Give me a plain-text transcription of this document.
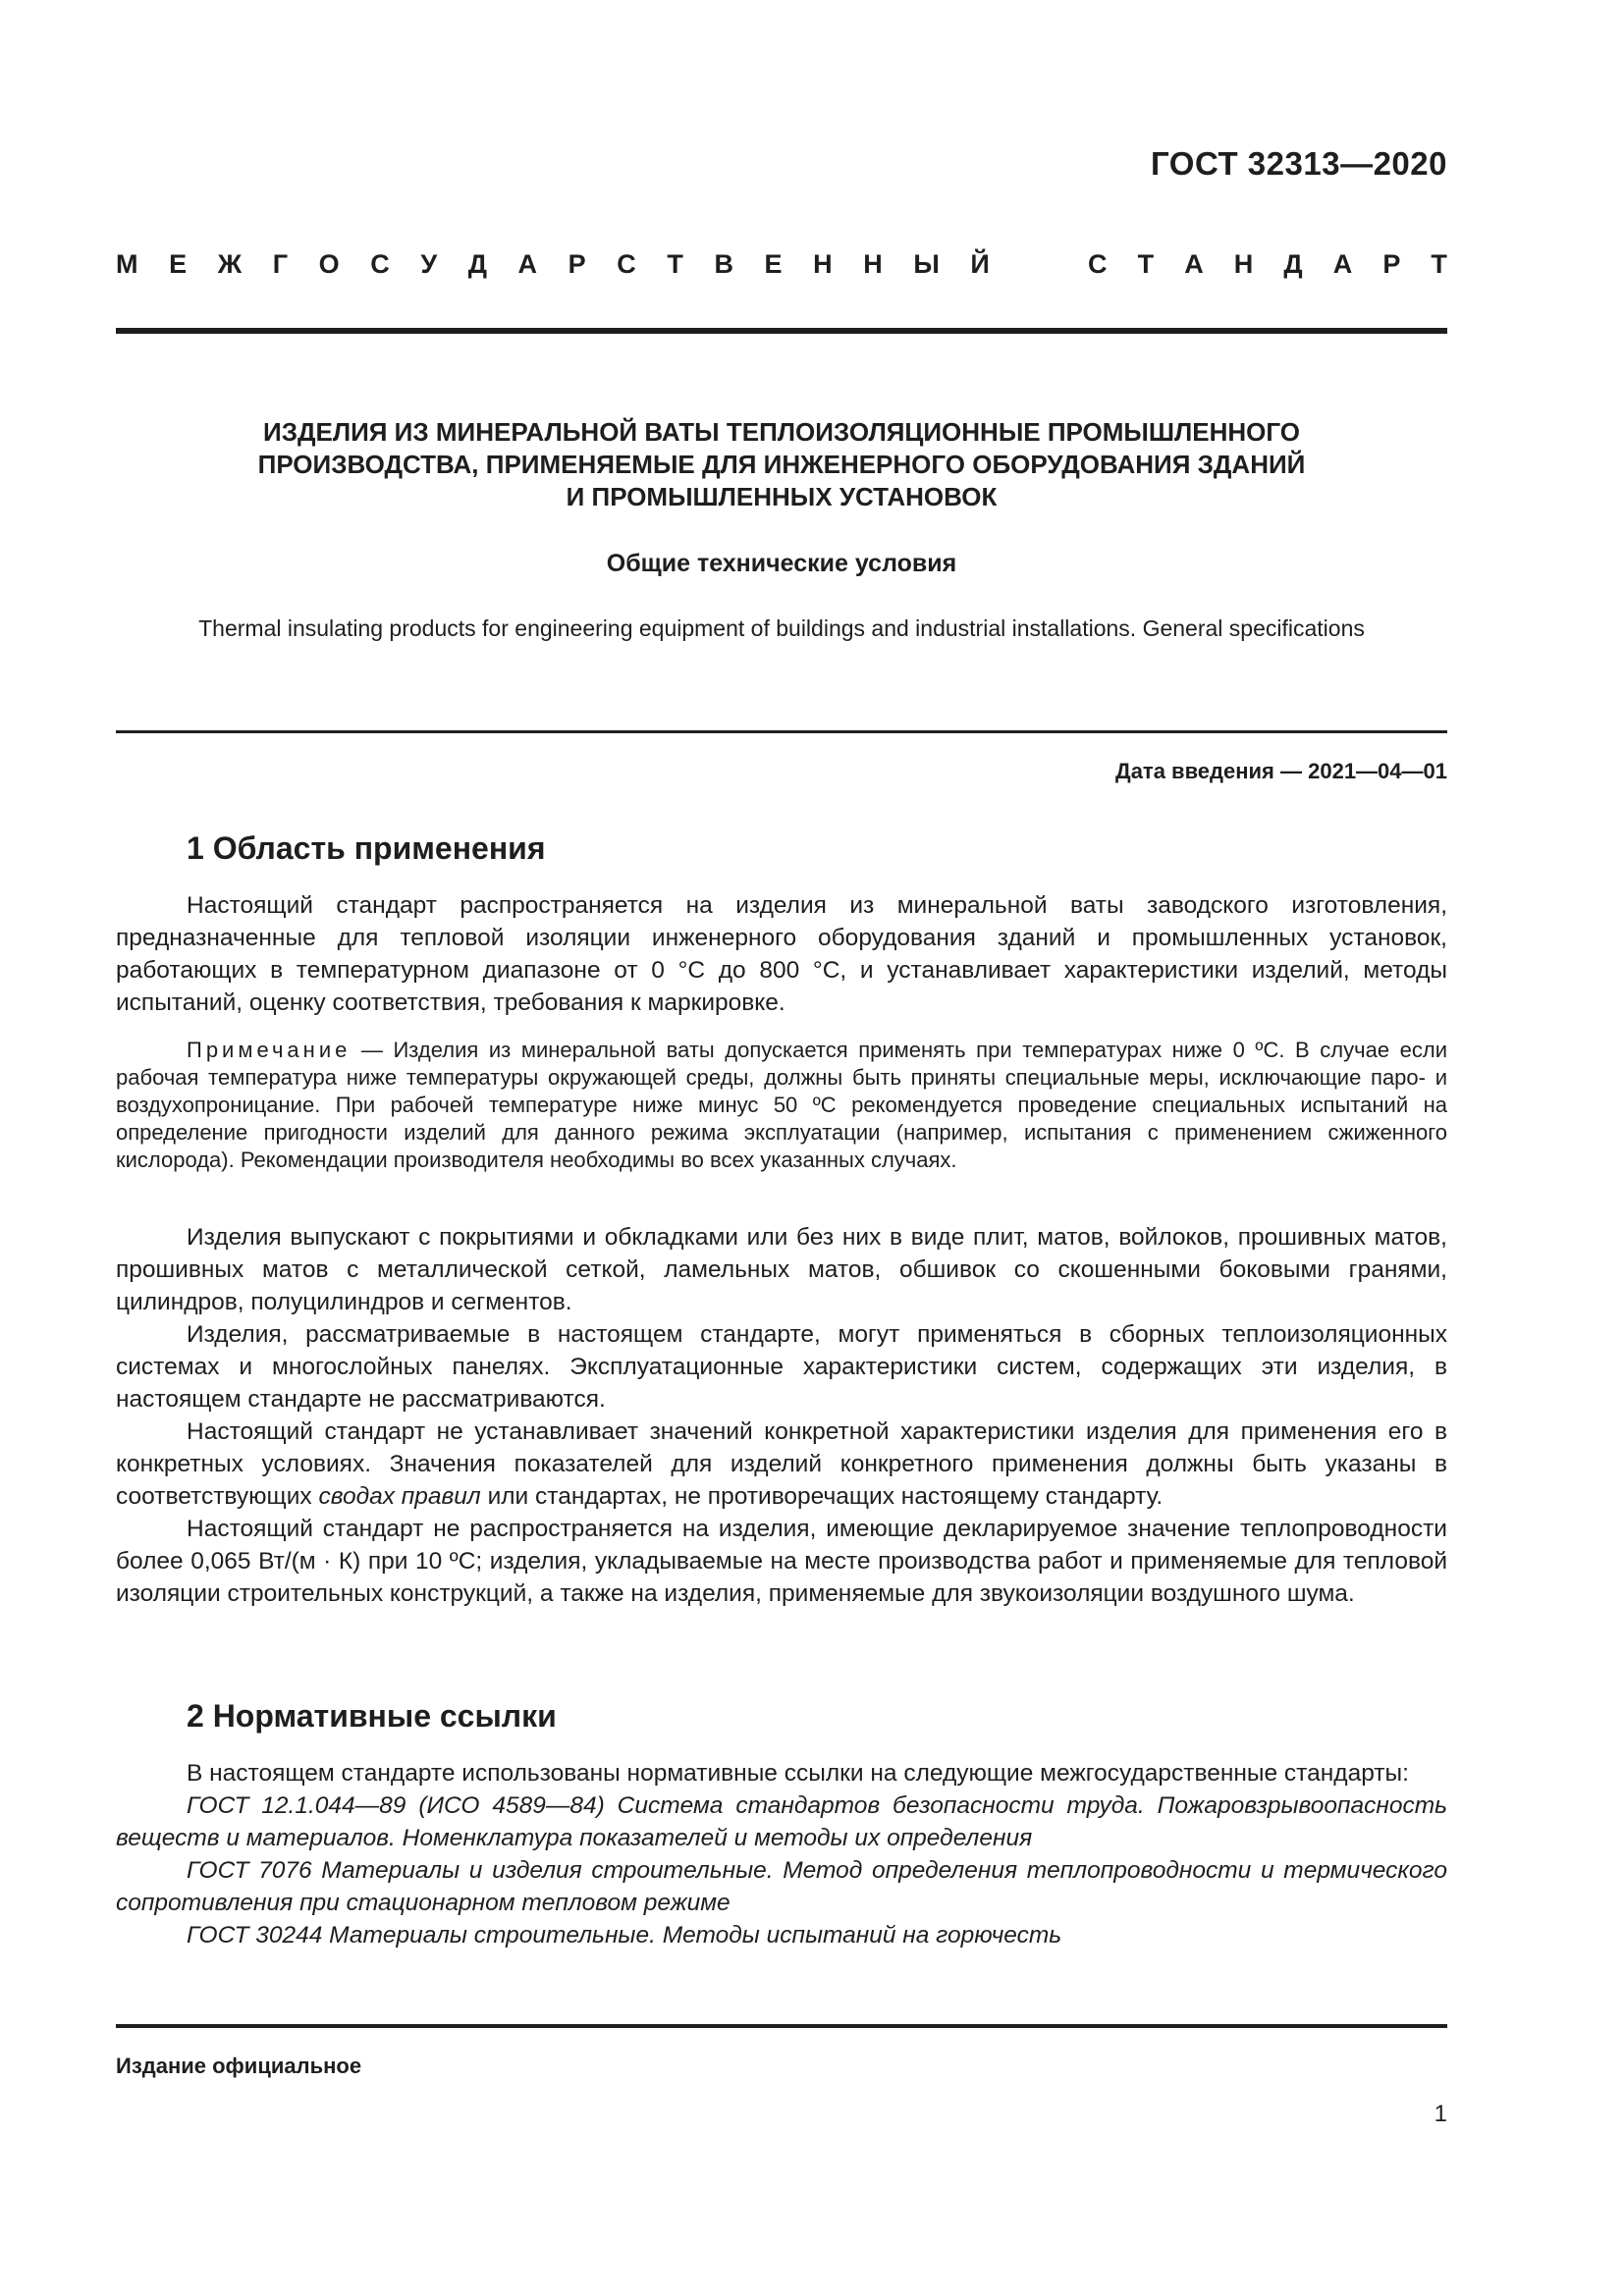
ГОСТ 32313—2020
М Е Ж Г О С У Д А Р С Т В Е Н Н Ы Й	С Т А Н Д А Р Т
ИЗДЕЛИЯ ИЗ МИНЕРАЛЬНОЙ ВАТЫ ТЕПЛОИЗОЛЯЦИОННЫЕ ПРОМЫШЛЕННОГО
ПРОИЗВОДСТВА, ПРИМЕНЯЕМЫЕ ДЛЯ ИНЖЕНЕРНОГО ОБОРУДОВАНИЯ ЗДАНИЙ
И ПРОМЫШЛЕННЫХ УСТАНОВОК
Общие технические условия
Thermal insulating products for engineering equipment of buildings and industrial installations. General specifications
Дата введения — 2021—04—01
1 Область применения

Настоящий стандарт распространяется на изделия из минеральной ваты заводского изготовления, предназначенные для тепловой изоляции инженерного оборудования зданий и промышленных установок, работающих в температурном диапазоне от 0 °С до 800 °С, и устанавливает характеристики изделий, методы испытаний, оценку соответствия, требования к маркировке.

Примечание — Изделия из минеральной ваты допускается применять при температурах ниже 0 ºС. В случае если рабочая температура ниже температуры окружающей среды, должны быть приняты специальные меры, исключающие паро- и воздухопроницание. При рабочей температуре ниже минус 50 ºС рекомендуется проведение специальных испытаний на определение пригодности изделий для данного режима эксплуатации (например, испытания с применением сжиженного кислорода). Рекомендации производителя необходимы во всех указанных случаях.

Изделия выпускают с покрытиями и обкладками или без них в виде плит, матов, войлоков, прошивных матов, прошивных матов с металлической сеткой, ламельных матов, обшивок со скошенными боковыми гранями, цилиндров, полуцилиндров и сегментов.

Изделия, рассматриваемые в настоящем стандарте, могут применяться в сборных теплоизоляционных системах и многослойных панелях. Эксплуатационные характеристики систем, содержащих эти изделия, в настоящем стандарте не рассматриваются.

Настоящий стандарт не устанавливает значений конкретной характеристики изделия для применения его в конкретных условиях. Значения показателей для изделий конкретного применения должны быть указаны в соответствующих сводах правил или стандартах, не противоречащих настоящему стандарту.

Настоящий стандарт не распространяется на изделия, имеющие декларируемое значение теплопроводности более 0,065 Вт/(м · К) при 10 ºС; изделия, укладываемые на месте производства работ и применяемые для тепловой изоляции строительных конструкций, а также на изделия, применяемые для звукоизоляции воздушного шума.

2 Нормативные ссылки

В настоящем стандарте использованы нормативные ссылки на следующие межгосударственные стандарты:

ГОСТ 12.1.044—89 (ИСО 4589—84) Система стандартов безопасности труда. Пожаровзрывоопасность веществ и материалов. Номенклатура показателей и методы их определения

ГОСТ 7076 Материалы и изделия строительные. Метод определения теплопроводности и термического сопротивления при стационарном тепловом режиме

ГОСТ 30244 Материалы строительные. Методы испытаний на горючесть

Издание официальное
1
